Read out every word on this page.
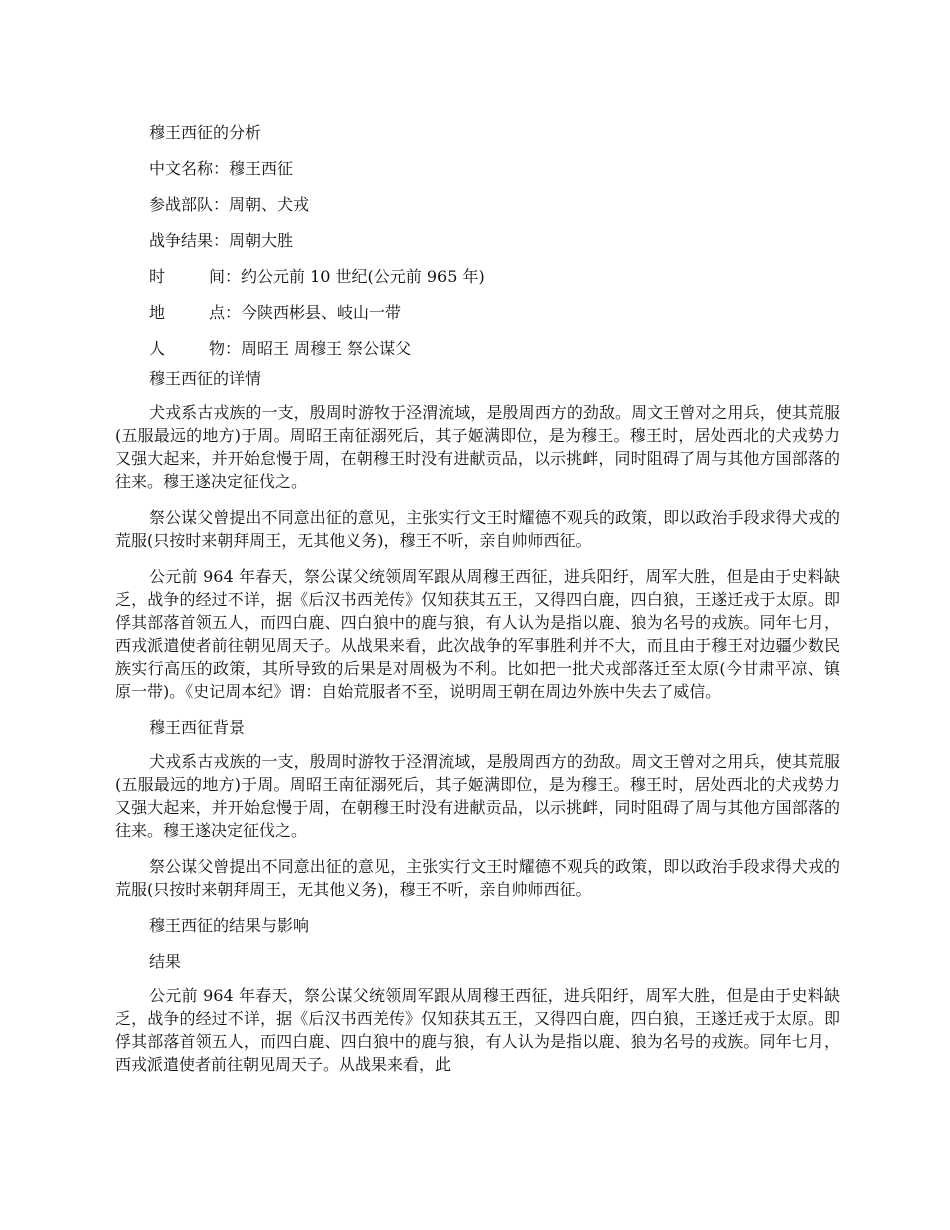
穆王西征的分析
中文名称：穆王西征
参战部队：周朝、犬戎
战争结果：周朝大胜
时	间：约公元前 10 世纪(公元前 965 年)
地	点：今陕西彬县、岐山一带
人	物：周昭王 周穆王 祭公谋父
穆王西征的详情

犬戎系古戎族的一支，殷周时游牧于泾渭流域，是殷周西方的劲敌。周文王曾对之用兵，使其荒服(五服最远的地方)于周。周昭王南征溺死后，其子姬满即位，是为穆王。穆王时，居处西北的犬戎势力又强大起来，并开始怠慢于周，在朝穆王时没有进献贡品，以示挑衅，同时阻碍了周与其他方国部落的往来。穆王遂决定征伐之。

祭公谋父曾提出不同意出征的意见，主张实行文王时耀德不观兵的政策，即以政治手段求得犬戎的荒服(只按时来朝拜周王，无其他义务)，穆王不听，亲自帅师西征。

公元前 964 年春天，祭公谋父统领周军跟从周穆王西征，进兵阳纡，周军大胜，但是由于史料缺乏，战争的经过不详，据《后汉书西羌传》仅知获其五王，又得四白鹿，四白狼，王遂迁戎于太原。即俘其部落首领五人，而四白鹿、四白狼中的鹿与狼，有人认为是指以鹿、狼为名号的戎族。同年七月，西戎派遣使者前往朝见周天子。从战果来看，此次战争的军事胜利并不大，而且由于穆王对边疆少数民族实行高压的政策，其所导致的后果是对周极为不利。比如把一批犬戎部落迁至太原(今甘肃平凉、镇原一带)。《史记周本纪》谓：自始荒服者不至，说明周王朝在周边外族中失去了威信。

穆王西征背景

犬戎系古戎族的一支，殷周时游牧于泾渭流域，是殷周西方的劲敌。周文王曾对之用兵，使其荒服(五服最远的地方)于周。周昭王南征溺死后，其子姬满即位，是为穆王。穆王时，居处西北的犬戎势力又强大起来，并开始怠慢于周，在朝穆王时没有进献贡品，以示挑衅，同时阻碍了周与其他方国部落的往来。穆王遂决定征伐之。

祭公谋父曾提出不同意出征的意见，主张实行文王时耀德不观兵的政策，即以政治手段求得犬戎的荒服(只按时来朝拜周王，无其他义务)，穆王不听，亲自帅师西征。

穆王西征的结果与影响
结果

公元前 964 年春天，祭公谋父统领周军跟从周穆王西征，进兵阳纡，周军大胜，但是由于史料缺乏，战争的经过不详，据《后汉书西羌传》仅知获其五王，又得四白鹿，四白狼，王遂迁戎于太原。即俘其部落首领五人，而四白鹿、四白狼中的鹿与狼，有人认为是指以鹿、狼为名号的戎族。同年七月，西戎派遣使者前往朝见周天子。从战果来看，此
